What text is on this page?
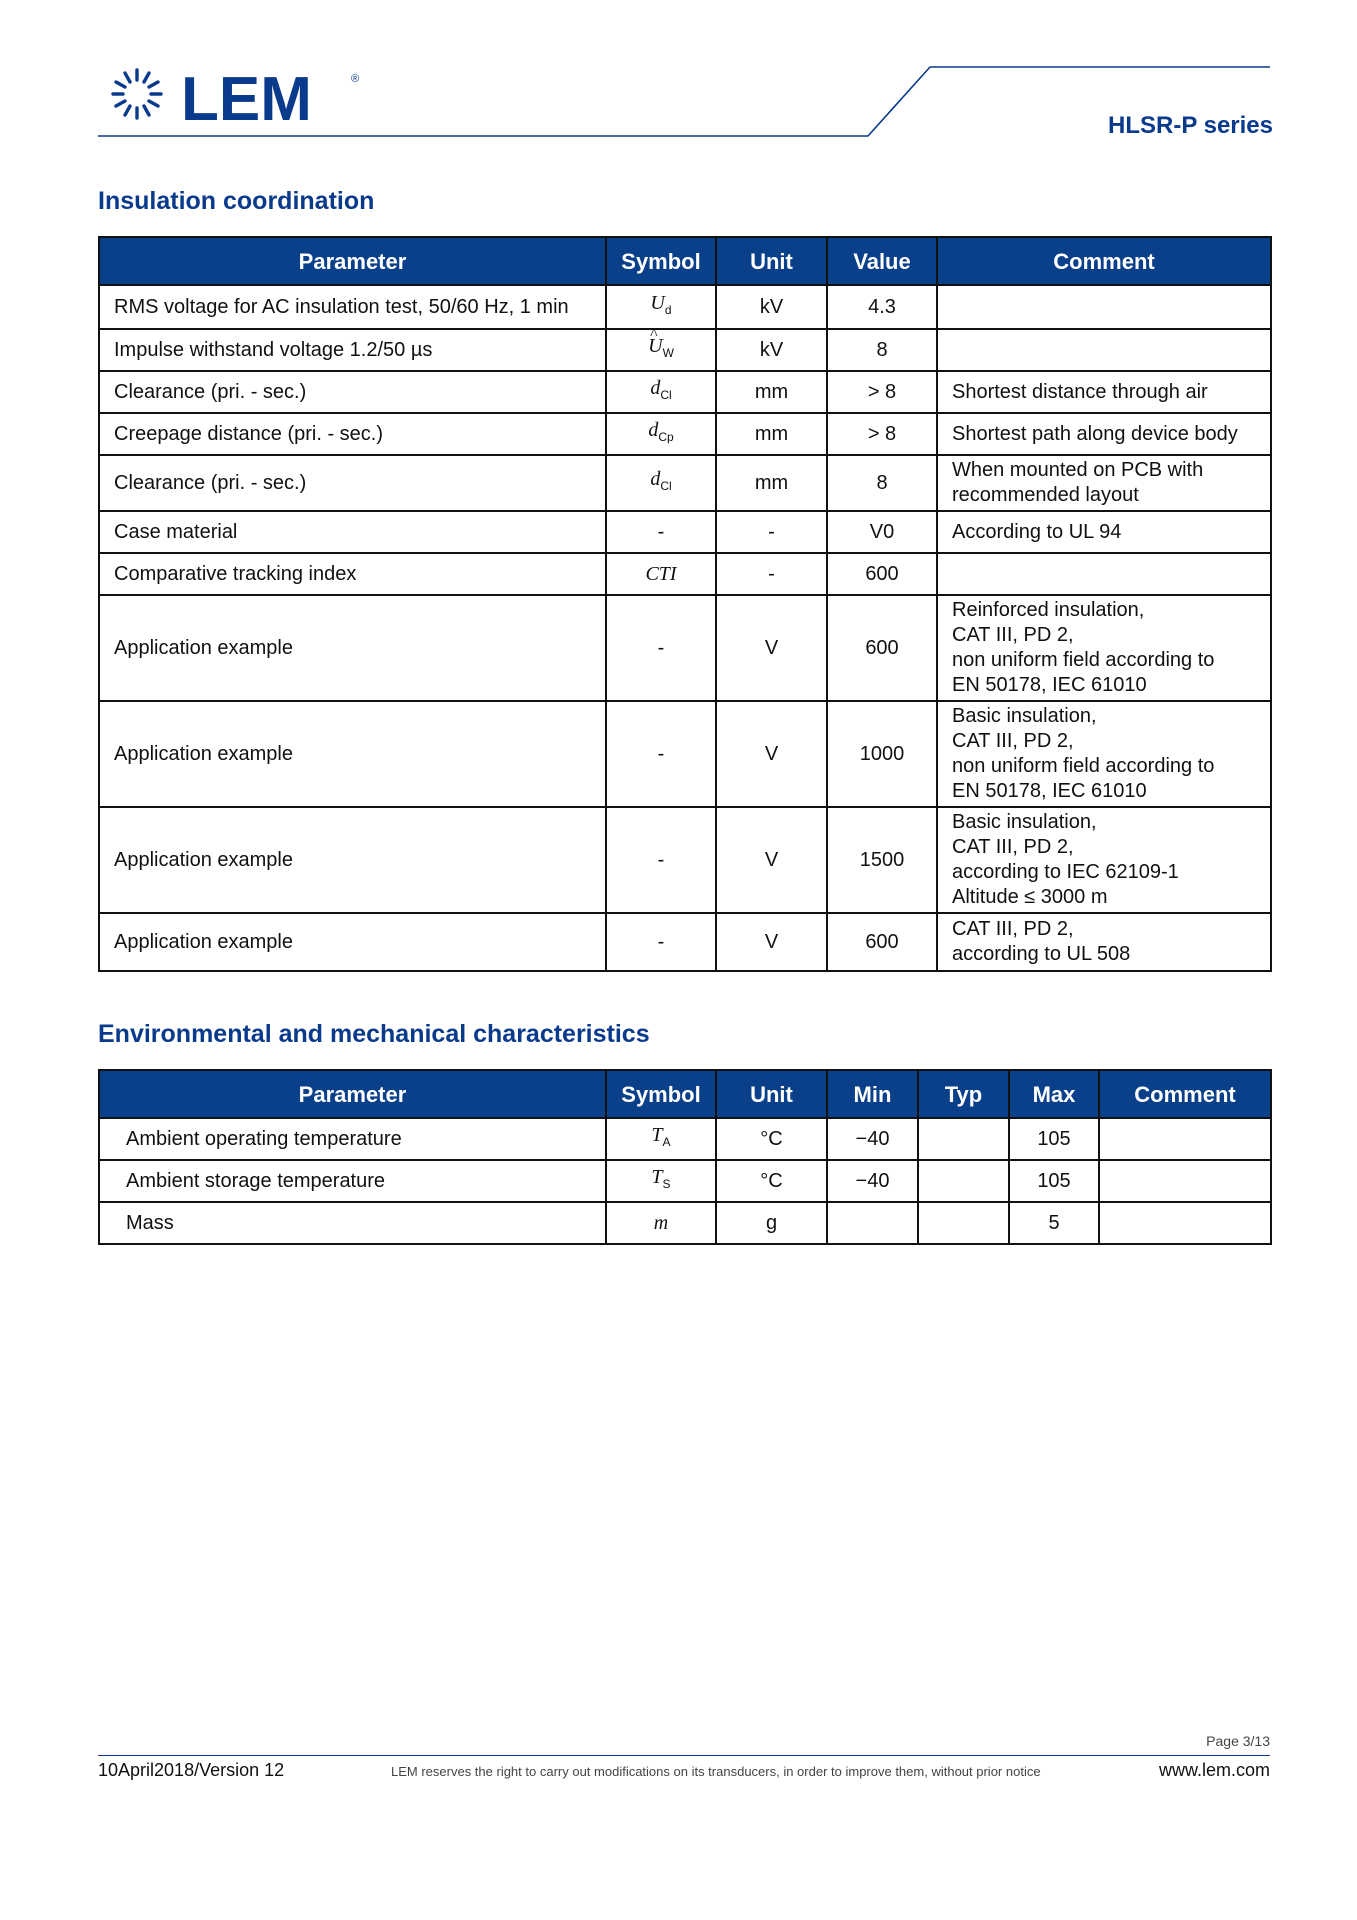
LEM	®
HLSR-P series
Insulation coordination
Parameter	Symbol	Unit	Value	Comment
RMS voltage for AC insulation test, 50/60 Hz, 1 min	$U_d$	kV	4.3	
Impulse withstand voltage 1.2/50 µs	^ $U_W$	kV	8	
Clearance (pri. - sec.)	$d_{Cl}$	mm	> 8	Shortest distance through air

Creepage distance (pri. - sec.)	$d_{Cp}$	mm	> 8	Shortest path along device body

Clearance (pri. - sec.)	$d_{Cl}$	mm	8	When mounted on PCB with
recommended layout

Case material	-	-	V0	According to UL 94

Comparative tracking index	CTI	-	600	
Application example	-	V	600	Reinforced insulation,
CAT III, PD 2,
non uniform field according to
EN 50178, IEC 61010

Application example	-	V	1000	Basic insulation,
CAT III, PD 2,
non uniform field according to
EN 50178, IEC 61010

Application example	-	V	1500	Basic insulation,
CAT III, PD 2,
according to IEC 62109-1
Altitude ≤ 3000 m

Application example	-	V	600	CAT III, PD 2,
according to UL 508
Environmental and mechanical characteristics
Parameter	Symbol	Unit	Min	Typ	Max	Comment
Ambient operating temperature	$T_A$	°C	−40		105	
Ambient storage temperature	$T_S$	°C	−40		105	
Mass	m	g			5	
Page 3/13
10April2018/Version 12	LEM reserves the right to carry out modifications on its transducers, in order to improve them, without prior notice	www.lem.com
